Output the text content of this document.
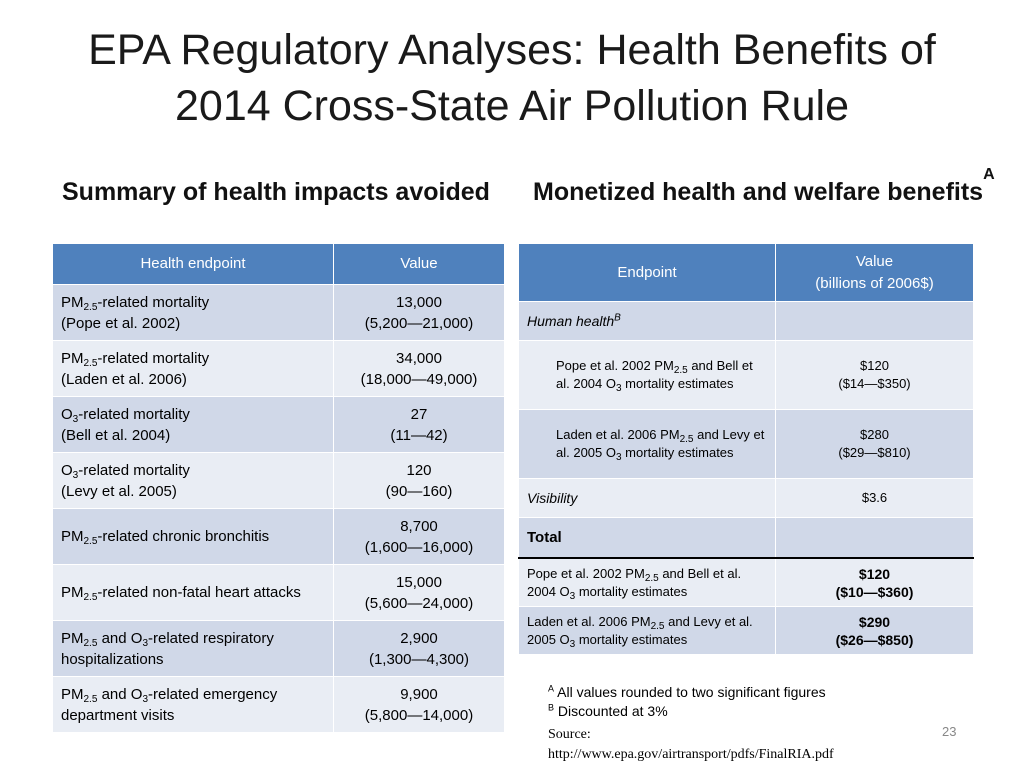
EPA Regulatory Analyses: Health Benefits of
2014 Cross-State Air Pollution Rule
Summary of health impacts avoided	Monetized health and welfare benefits$^A$
Health endpoint	Value
$PM_{2.5}$-related mortality
(Pope et al. 2002)	13,000
(5,200—21,000)
$PM_{2.5}$-related mortality
(Laden et al. 2006)	34,000
(18,000—49,000)
$O_3$-related mortality
(Bell et al. 2004)	27
(11—42)
$O_3$-related mortality
(Levy et al. 2005)	120
(90—160)
$PM_{2.5}$-related chronic bronchitis	8,700
(1,600—16,000)
$PM_{2.5}$-related non-fatal heart attacks	15,000
(5,600—24,000)
$PM_{2.5}$ and $O_3$-related respiratory hospitalizations	2,900
(1,300—4,300)
$PM_{2.5}$ and $O_3$-related emergency department visits	9,900
(5,800—14,000)
Endpoint	Value
(billions of 2006$)
Human health$^B$	
Pope et al. 2002 $PM_{2.5}$ and Bell et al. 2004 $O_3$ mortality estimates	$120
($14—$350)
Laden et al. 2006 $PM_{2.5}$ and Levy et al. 2005 $O_3$ mortality estimates	$280
($29—$810)
Visibility	$3.6
Total	
Pope et al. 2002 $PM_{2.5}$ and Bell et al. 2004 $O_3$ mortality estimates	$120
($10—$360)
Laden et al. 2006 $PM_{2.5}$ and Levy et al. 2005 $O_3$ mortality estimates	$290
($26—$850)
$^A$ All values rounded to two significant figures
$^B$ Discounted at 3%
Source:
http://www.epa.gov/airtransport/pdfs/FinalRIA.pdf
23
